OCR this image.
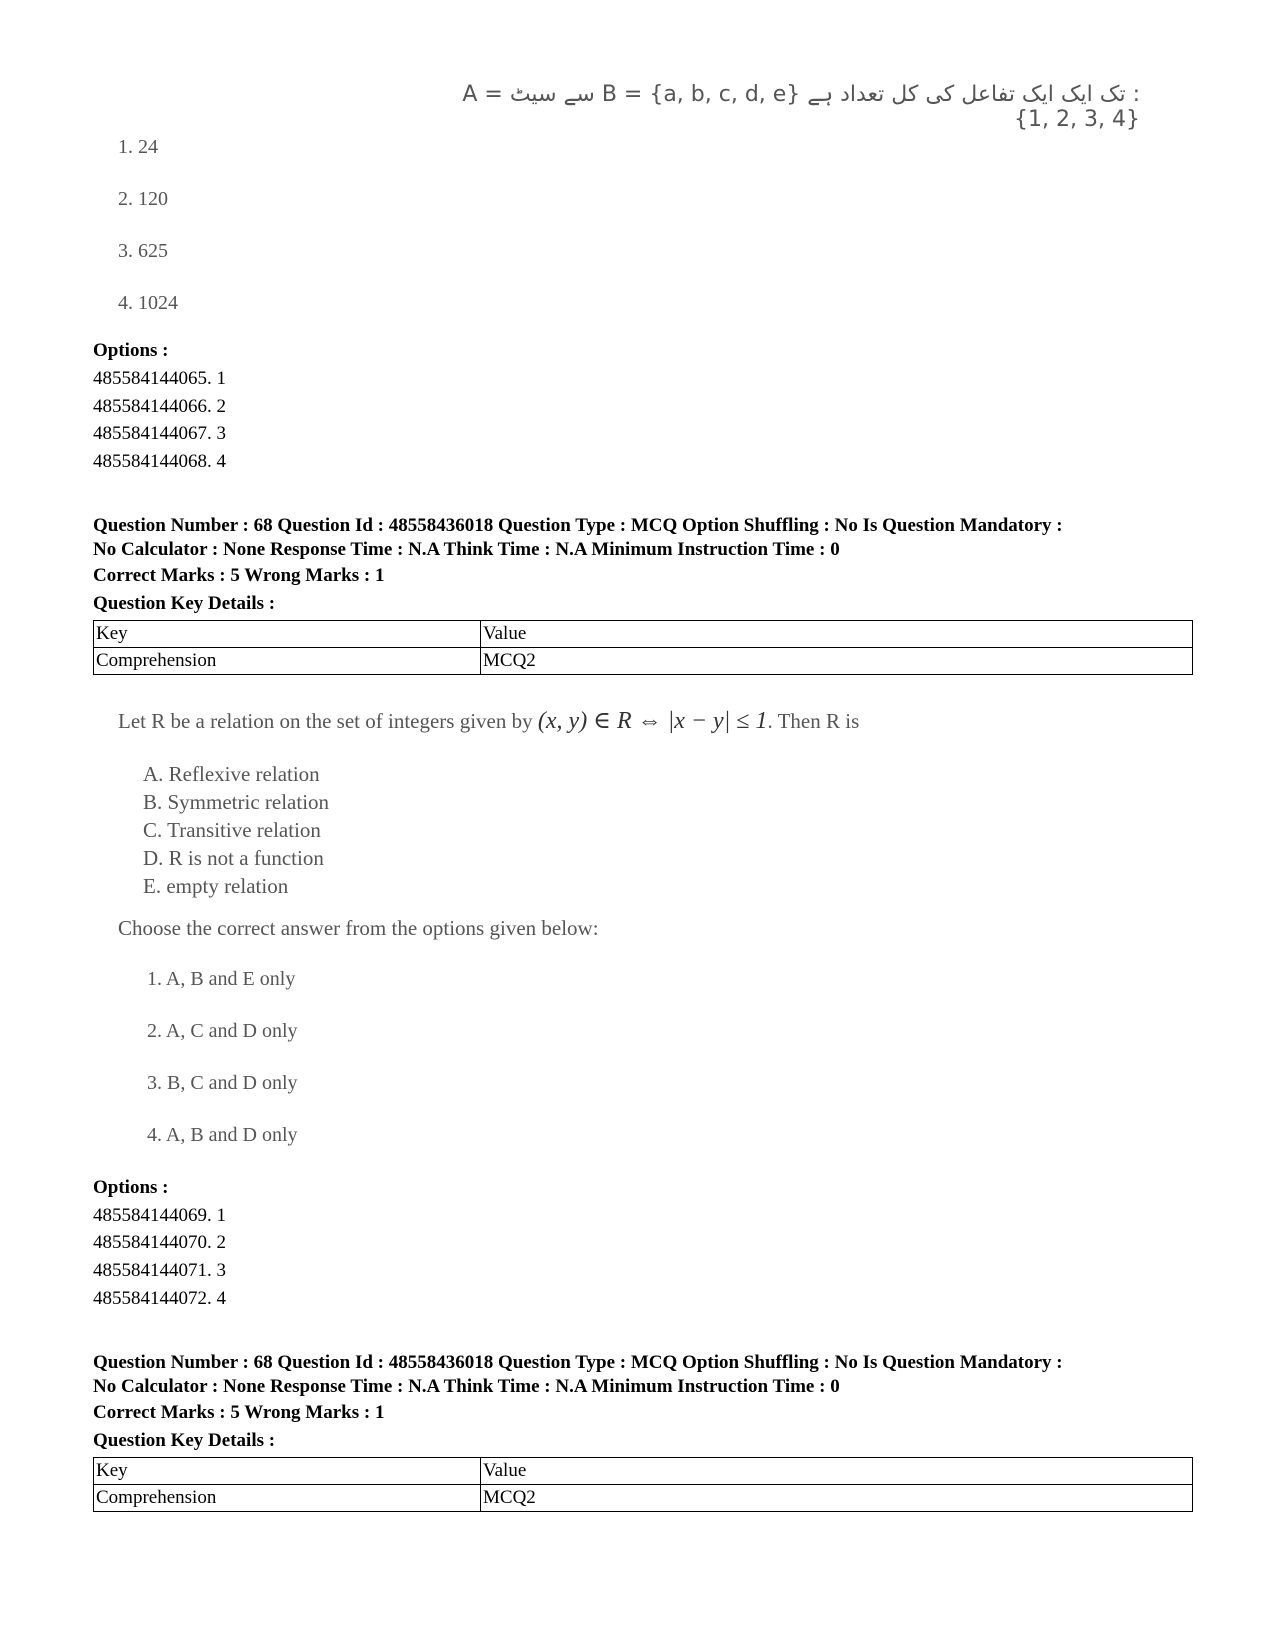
: تک ایک ایک تفاعل کی کل تعداد ہے B = {a, b, c, d, e} سے سیٹ A = {1, 2, 3, 4}
1. 24
2. 120
3. 625
4. 1024
Options :
485584144065. 1
485584144066. 2
485584144067. 3
485584144068. 4
Question Number : 68 Question Id : 48558436018 Question Type : MCQ Option Shuffling : No Is Question Mandatory :
No Calculator : None Response Time : N.A Think Time : N.A Minimum Instruction Time : 0
Correct Marks : 5 Wrong Marks : 1
Question Key Details :
Key	Value
Comprehension	MCQ2
Let R be a relation on the set of integers given by (x, y) ∈ R ⇔ |x − y| ≤ 1. Then R is
A. Reflexive relation
B. Symmetric relation
C. Transitive relation
D. R is not a function
E. empty relation
Choose the correct answer from the options given below:
1. A, B and E only
2. A, C and D only
3. B, C and D only
4. A, B and D only
Options :
485584144069. 1
485584144070. 2
485584144071. 3
485584144072. 4
Question Number : 68 Question Id : 48558436018 Question Type : MCQ Option Shuffling : No Is Question Mandatory :
No Calculator : None Response Time : N.A Think Time : N.A Minimum Instruction Time : 0
Correct Marks : 5 Wrong Marks : 1
Question Key Details :
Key	Value
Comprehension	MCQ2
